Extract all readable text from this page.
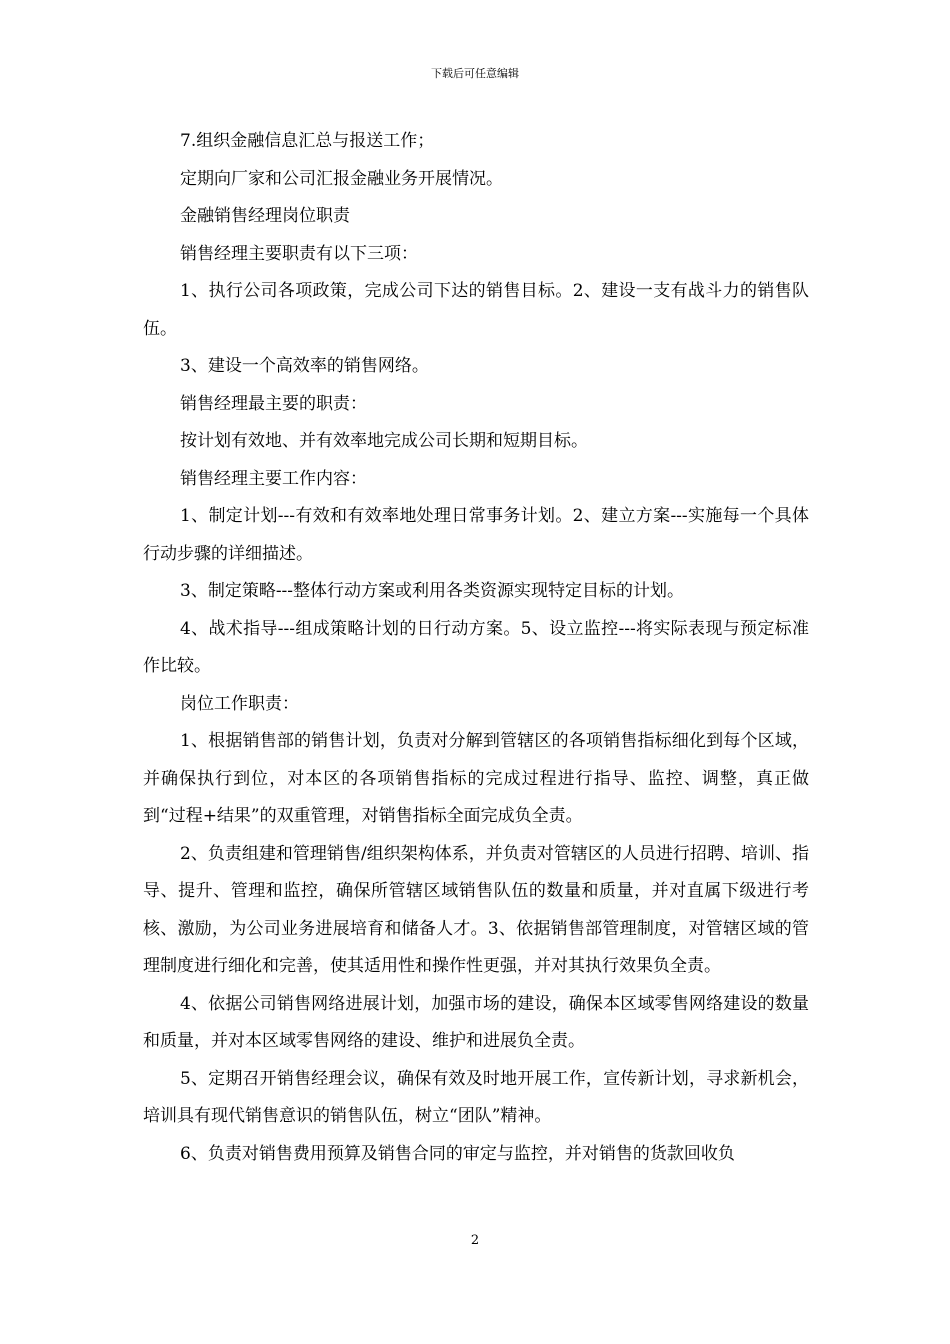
下载后可任意编辑

7.组织金融信息汇总与报送工作；

定期向厂家和公司汇报金融业务开展情况。

金融销售经理岗位职责

销售经理主要职责有以下三项：

1、执行公司各项政策，完成公司下达的销售目标。2、建设一支有战斗力的销售队伍。

3、建设一个高效率的销售网络。

销售经理最主要的职责：

按计划有效地、并有效率地完成公司长期和短期目标。

销售经理主要工作内容：

1、制定计划---有效和有效率地处理日常事务计划。2、建立方案---实施每一个具体行动步骤的详细描述。

3、制定策略---整体行动方案或利用各类资源实现特定目标的计划。

4、战术指导---组成策略计划的日行动方案。5、设立监控---将实际表现与预定标准作比较。

岗位工作职责：

1、根据销售部的销售计划，负责对分解到管辖区的各项销售指标细化到每个区域，并确保执行到位，对本区的各项销售指标的完成过程进行指导、监控、调整，真正做到“过程+结果”的双重管理，对销售指标全面完成负全责。

2、负责组建和管理销售/组织架构体系，并负责对管辖区的人员进行招聘、培训、指导、提升、管理和监控，确保所管辖区域销售队伍的数量和质量，并对直属下级进行考核、激励，为公司业务进展培育和储备人才。3、依据销售部管理制度，对管辖区域的管理制度进行细化和完善，使其适用性和操作性更强，并对其执行效果负全责。

4、依据公司销售网络进展计划，加强市场的建设，确保本区域零售网络建设的数量和质量，并对本区域零售网络的建设、维护和进展负全责。

5、定期召开销售经理会议，确保有效及时地开展工作，宣传新计划，寻求新机会，培训具有现代销售意识的销售队伍，树立“团队”精神。

6、负责对销售费用预算及销售合同的审定与监控，并对销售的货款回收负

2
